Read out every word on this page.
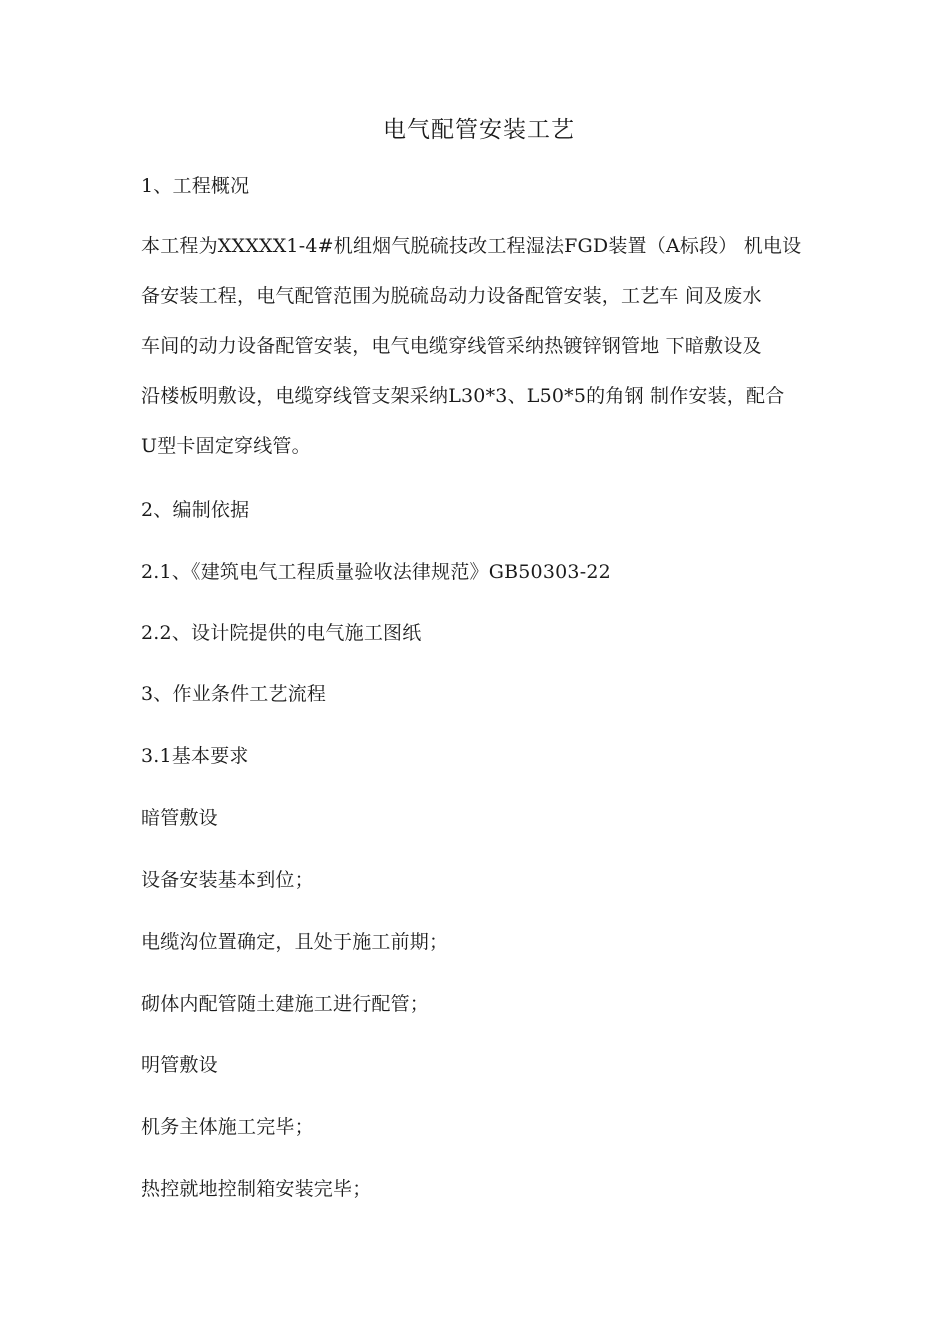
电气配管安装工艺

1、工程概况

本工程为XXXXX1-4#机组烟气脱硫技改工程湿法FGD装置（A标段） 机电设
备安装工程，电气配管范围为脱硫岛动力设备配管安装，工艺车 间及废水
车间的动力设备配管安装，电气电缆穿线管采纳热镀锌钢管地 下暗敷设及
沿楼板明敷设，电缆穿线管支架采纳L30*3、L50*5的角钢 制作安装，配合
U型卡固定穿线管。

2、编制依据

2.1、《建筑电气工程质量验收法律规范》GB50303-22

2.2、设计院提供的电气施工图纸

3、作业条件工艺流程

3.1基本要求

暗管敷设

设备安装基本到位；

电缆沟位置确定，且处于施工前期；

砌体内配管随土建施工进行配管；

明管敷设

机务主体施工完毕；

热控就地控制箱安装完毕；
